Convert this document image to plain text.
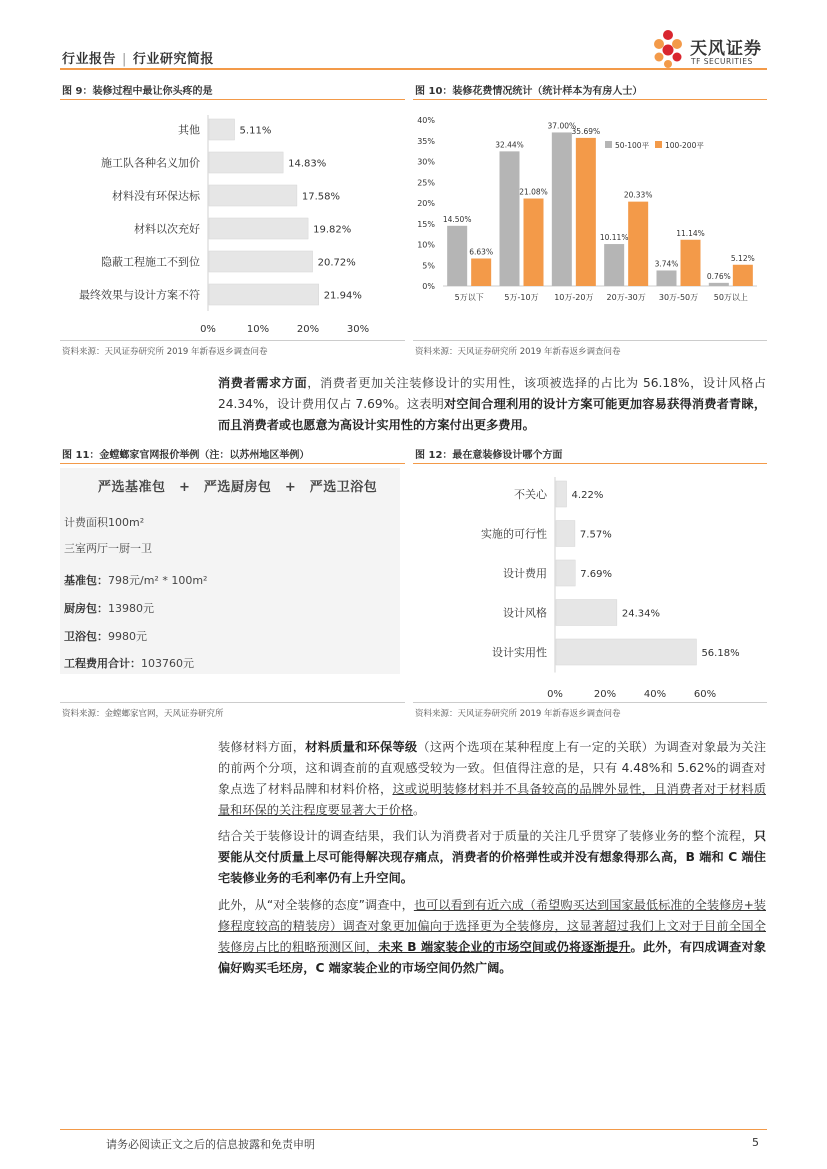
行业报告 | 行业研究简报
天风证券
TF SECURITIES
图 9：装修过程中最让你头疼的是
其他	5.11%
施工队各种名义加价	14.83%
材料没有环保达标	17.58%
材料以次充好	19.82%
隐蔽工程施工不到位	20.72%
最终效果与设计方案不符	21.94%
0%	10%	20%	30%
资料来源：天风证券研究所 2019 年新春返乡调查问卷
图 10：装修花费情况统计（统计样本为有房人士）
0%
5%
10%
15%
20%
25%
30%
35%
40%
14.50%
6.63%
5万以下
32.44%
21.08%
5万-10万
37.00%
35.69%
10万-20万
10.11%
20.33%
20万-30万
3.74%
11.14%
30万-50万
0.76%
5.12%
50万以上
50-100平 100-200平
资料来源：天风证券研究所 2019 年新春返乡调查问卷
消费者需求方面，消费者更加关注装修设计的实用性，该项被选择的占比为 56.18%，设计风格占 24.34%，设计费用仅占 7.69%。这表明对空间合理利用的设计方案可能更加容易获得消费者青睐，而且消费者或也愿意为高设计实用性的方案付出更多费用。
图 11：金螳螂家官网报价举例（注：以苏州地区举例）
严选基准包　+　严选厨房包　+　严选卫浴包
计费面积100m²
三室两厅一厨一卫
基准包：798元/m² * 100m²
厨房包：13980元
卫浴包：9980元
工程费用合计：103760元
资料来源：金螳螂家官网，天风证券研究所
图 12：最在意装修设计哪个方面
不关心 4.22%
实施的可行性	7.57%
设计费用	7.69%
设计风格	24.34%
设计实用性	56.18%
0%	20%	40%	60%
资料来源：天风证券研究所 2019 年新春返乡调查问卷
装修材料方面，材料质量和环保等级（这两个选项在某种程度上有一定的关联）为调查对象最为关注的前两个分项，这和调查前的直观感受较为一致。但值得注意的是，只有 4.48%和 5.62%的调查对象点选了材料品牌和材料价格，这或说明装修材料并不具备较高的品牌外显性，且消费者对于材料质量和环保的关注程度要显著大于价格。
结合关于装修设计的调查结果，我们认为消费者对于质量的关注几乎贯穿了装修业务的整个流程，只要能从交付质量上尽可能得解决现存痛点，消费者的价格弹性或并没有想象得那么高，B 端和 C 端住宅装修业务的毛利率仍有上升空间。
此外，从“对全装修的态度”调查中，也可以看到有近六成（希望购买达到国家最低标准的全装修房+装修程度较高的精装房）调查对象更加偏向于选择更为全装修房，这显著超过我们上文对于目前全国全装修房占比的粗略预测区间，未来 B 端家装企业的市场空间或仍将逐渐提升。此外，有四成调查对象偏好购买毛坯房，C 端家装企业的市场空间仍然广阔。
请务必阅读正文之后的信息披露和免责申明	5
